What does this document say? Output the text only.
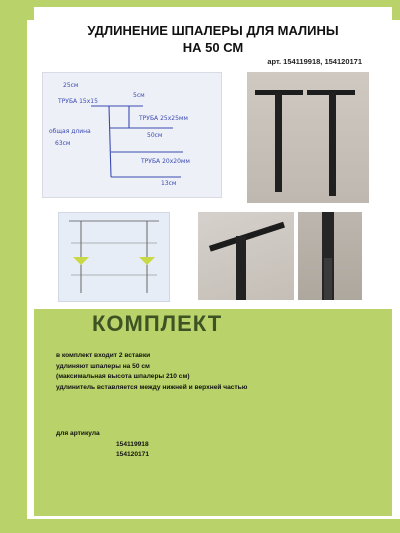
УДЛИНЕНИЕ ШПАЛЕРЫ ДЛЯ МАЛИНЫ
НА 50 СМ
арт. 154119918, 154120171
25см
ТРУБА 15х15
5см
ТРУБА 25х25мм
общая длина
63см
50см
ТРУБА 20х20мм
13см
КОМПЛЕКТ
в комплект входит 2 вставки
удлиняют шпалеры на 50 см
(максимальная высота шпалеры 210 см)
удлинитель вставляется между нижней и верхней частью
для артикула
154119918
154120171
